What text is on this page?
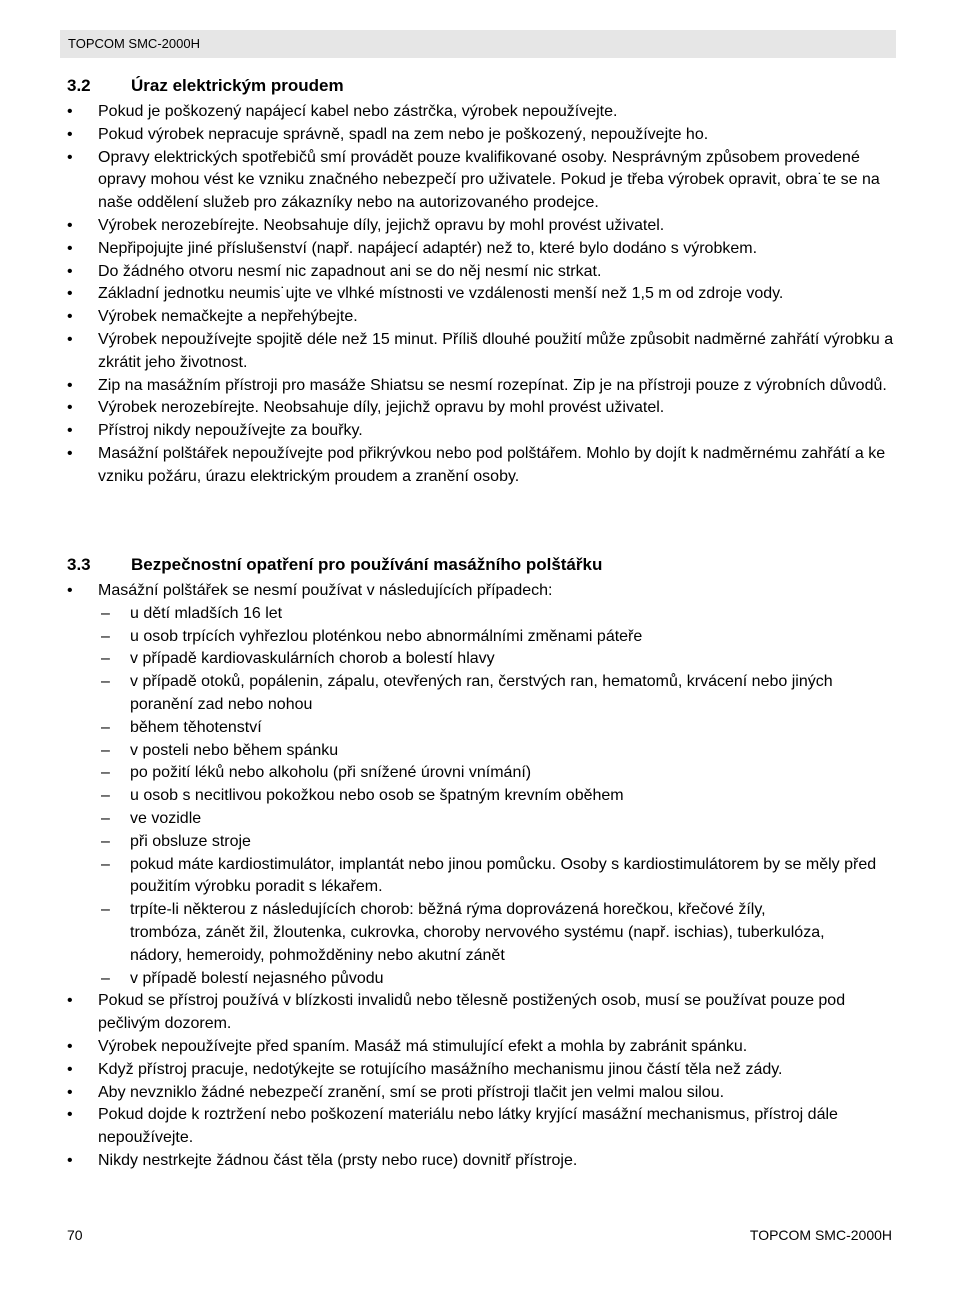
TOPCOM SMC-2000H
3.2 Úraz elektrickým proudem
• Pokud je poškozený napájecí kabel nebo zástrčka, výrobek nepoužívejte.
• Pokud výrobek nepracuje správně, spadl na zem nebo je poškozený, nepoužívejte ho.
• Opravy elektrických spotřebičů smí provádět pouze kvalifikované osoby. Nesprávným způsobem provedené opravy mohou vést ke vzniku značného nebezpečí pro uživatele. Pokud je třeba výrobek opravit, obra˙te se na naše oddělení služeb pro zákazníky nebo na autorizovaného prodejce.
• Výrobek nerozebírejte. Neobsahuje díly, jejichž opravu by mohl provést uživatel.
• Nepřipojujte jiné příslušenství (např. napájecí adaptér) než to, které bylo dodáno s výrobkem.
• Do žádného otvoru nesmí nic zapadnout ani se do něj nesmí nic strkat.
• Základní jednotku neumis˙ujte ve vlhké místnosti ve vzdálenosti menší než 1,5 m od zdroje vody.
• Výrobek nemačkejte a nepřehýbejte.
• Výrobek nepoužívejte spojitě déle než 15 minut. Příliš dlouhé použití může způsobit nadměrné zahřátí výrobku a zkrátit jeho životnost.
• Zip na masážním přístroji pro masáže Shiatsu se nesmí rozepínat. Zip je na přístroji pouze z výrobních důvodů.
• Výrobek nerozebírejte. Neobsahuje díly, jejichž opravu by mohl provést uživatel.
• Přístroj nikdy nepoužívejte za bouřky.
• Masážní polštářek nepoužívejte pod přikrývkou nebo pod polštářem. Mohlo by dojít k nadměrnému zahřátí a ke vzniku požáru, úrazu elektrickým proudem a zranění osoby.
3.3 Bezpečnostní opatření pro používání masážního polštářku
• Masážní polštářek se nesmí používat v následujících případech:
– u dětí mladších 16 let
– u osob trpících vyhřezlou ploténkou nebo abnormálními změnami páteře
– v případě kardiovaskulárních chorob a bolestí hlavy
– v případě otoků, popálenin, zápalu, otevřených ran, čerstvých ran, hematomů, krvácení nebo jiných poranění zad nebo nohou
– během těhotenství
– v posteli nebo během spánku
– po požití léků nebo alkoholu (při snížené úrovni vnímání)
– u osob s necitlivou pokožkou nebo osob se špatným krevním oběhem
– ve vozidle
– při obsluze stroje
– pokud máte kardiostimulátor, implantát nebo jinou pomůcku. Osoby s kardiostimulátorem by se měly před použitím výrobku poradit s lékařem.
– trpíte-li některou z následujících chorob: běžná rýma doprovázená horečkou, křečové žíly, trombóza, zánět žil, žloutenka, cukrovka, choroby nervového systému (např. ischias), tuberkulóza, nádory, hemeroidy, pohmožděniny nebo akutní zánět
– v případě bolestí nejasného původu
• Pokud se přístroj používá v blízkosti invalidů nebo tělesně postižených osob, musí se používat pouze pod pečlivým dozorem.
• Výrobek nepoužívejte před spaním. Masáž má stimulující efekt a mohla by zabránit spánku.
• Když přístroj pracuje, nedotýkejte se rotujícího masážního mechanismu jinou částí těla než zády.
• Aby nevzniklo žádné nebezpečí zranění, smí se proti přístroji tlačit jen velmi malou silou.
• Pokud dojde k roztržení nebo poškození materiálu nebo látky kryjící masážní mechanismus, přístroj dále nepoužívejte.
• Nikdy nestrkejte žádnou část těla (prsty nebo ruce) dovnitř přístroje.
70	TOPCOM SMC-2000H
